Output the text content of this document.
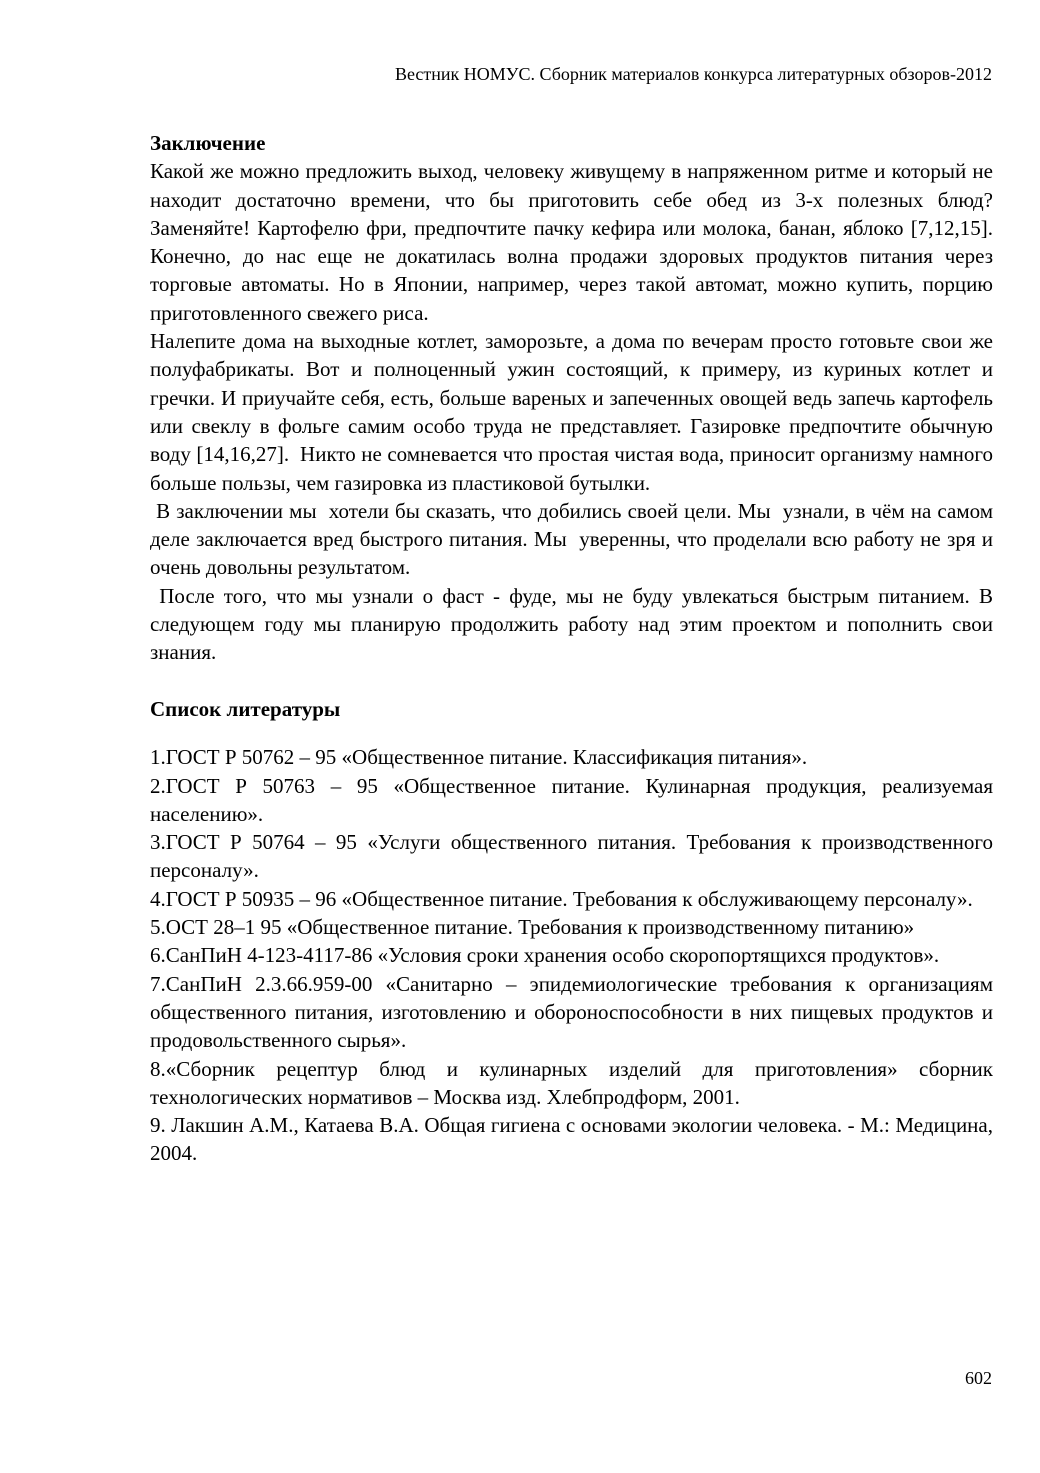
Вестник НОМУС. Сборник материалов конкурса литературных обзоров-2012

Заключение

Какой же можно предложить выход, человеку живущему в напряженном ритме и который не находит достаточно времени, что бы приготовить себе обед из 3-х полезных блюд? Заменяйте! Картофелю фри, предпочтите пачку кефира или молока, банан, яблоко [7,12,15].  Конечно, до нас еще не докатилась волна продажи здоровых продуктов питания через торговые автоматы. Но в Японии, например, через такой автомат, можно купить, порцию приготовленного свежего риса.

Налепите дома на выходные котлет, заморозьте, а дома по вечерам просто готовьте свои же полуфабрикаты. Вот и полноценный ужин состоящий, к примеру, из куриных котлет и гречки. И приучайте себя, есть, больше вареных и запеченных овощей ведь запечь картофель или свеклу в фольге самим особо труда не представляет. Газировке предпочтите обычную воду [14,16,27].  Никто не сомневается что простая чистая вода, приносит организму намного больше пользы, чем газировка из пластиковой бутылки.

В заключении мы  хотели бы сказать, что добились своей цели. Мы  узнали, в чём на самом деле заключается вред быстрого питания. Мы  уверенны, что проделали всю работу не зря и очень довольны результатом.

После того, что мы узнали о фаст - фуде, мы не буду увлекаться быстрым питанием. В следующем году мы планирую продолжить работу над этим проектом и пополнить свои знания.

Список литературы

1.ГОСТ Р 50762 – 95 «Общественное питание. Классификация питания».

2.ГОСТ Р 50763 – 95 «Общественное питание. Кулинарная продукция, реализуемая населению».

3.ГОСТ Р 50764 – 95 «Услуги общественного питания. Требования к производственного персоналу».

4.ГОСТ Р 50935 – 96 «Общественное питание. Требования к обслуживающему персоналу».

5.ОСТ 28–1 95 «Общественное питание. Требования к производственному питанию»

6.СанПиН 4-123-4117-86 «Условия сроки хранения особо скоропортящихся продуктов».

7.СанПиН 2.3.66.959-00 «Санитарно – эпидемиологические требования к организациям общественного питания, изготовлению и обороноспособности в них пищевых продуктов и продовольственного сырья».

8.«Сборник рецептур блюд и кулинарных изделий для приготовления» сборник технологических нормативов – Москва изд. Хлебпродформ, 2001.

9. Лакшин А.М., Катаева В.А. Общая гигиена с основами экологии человека. - М.: Медицина, 2004.

602
